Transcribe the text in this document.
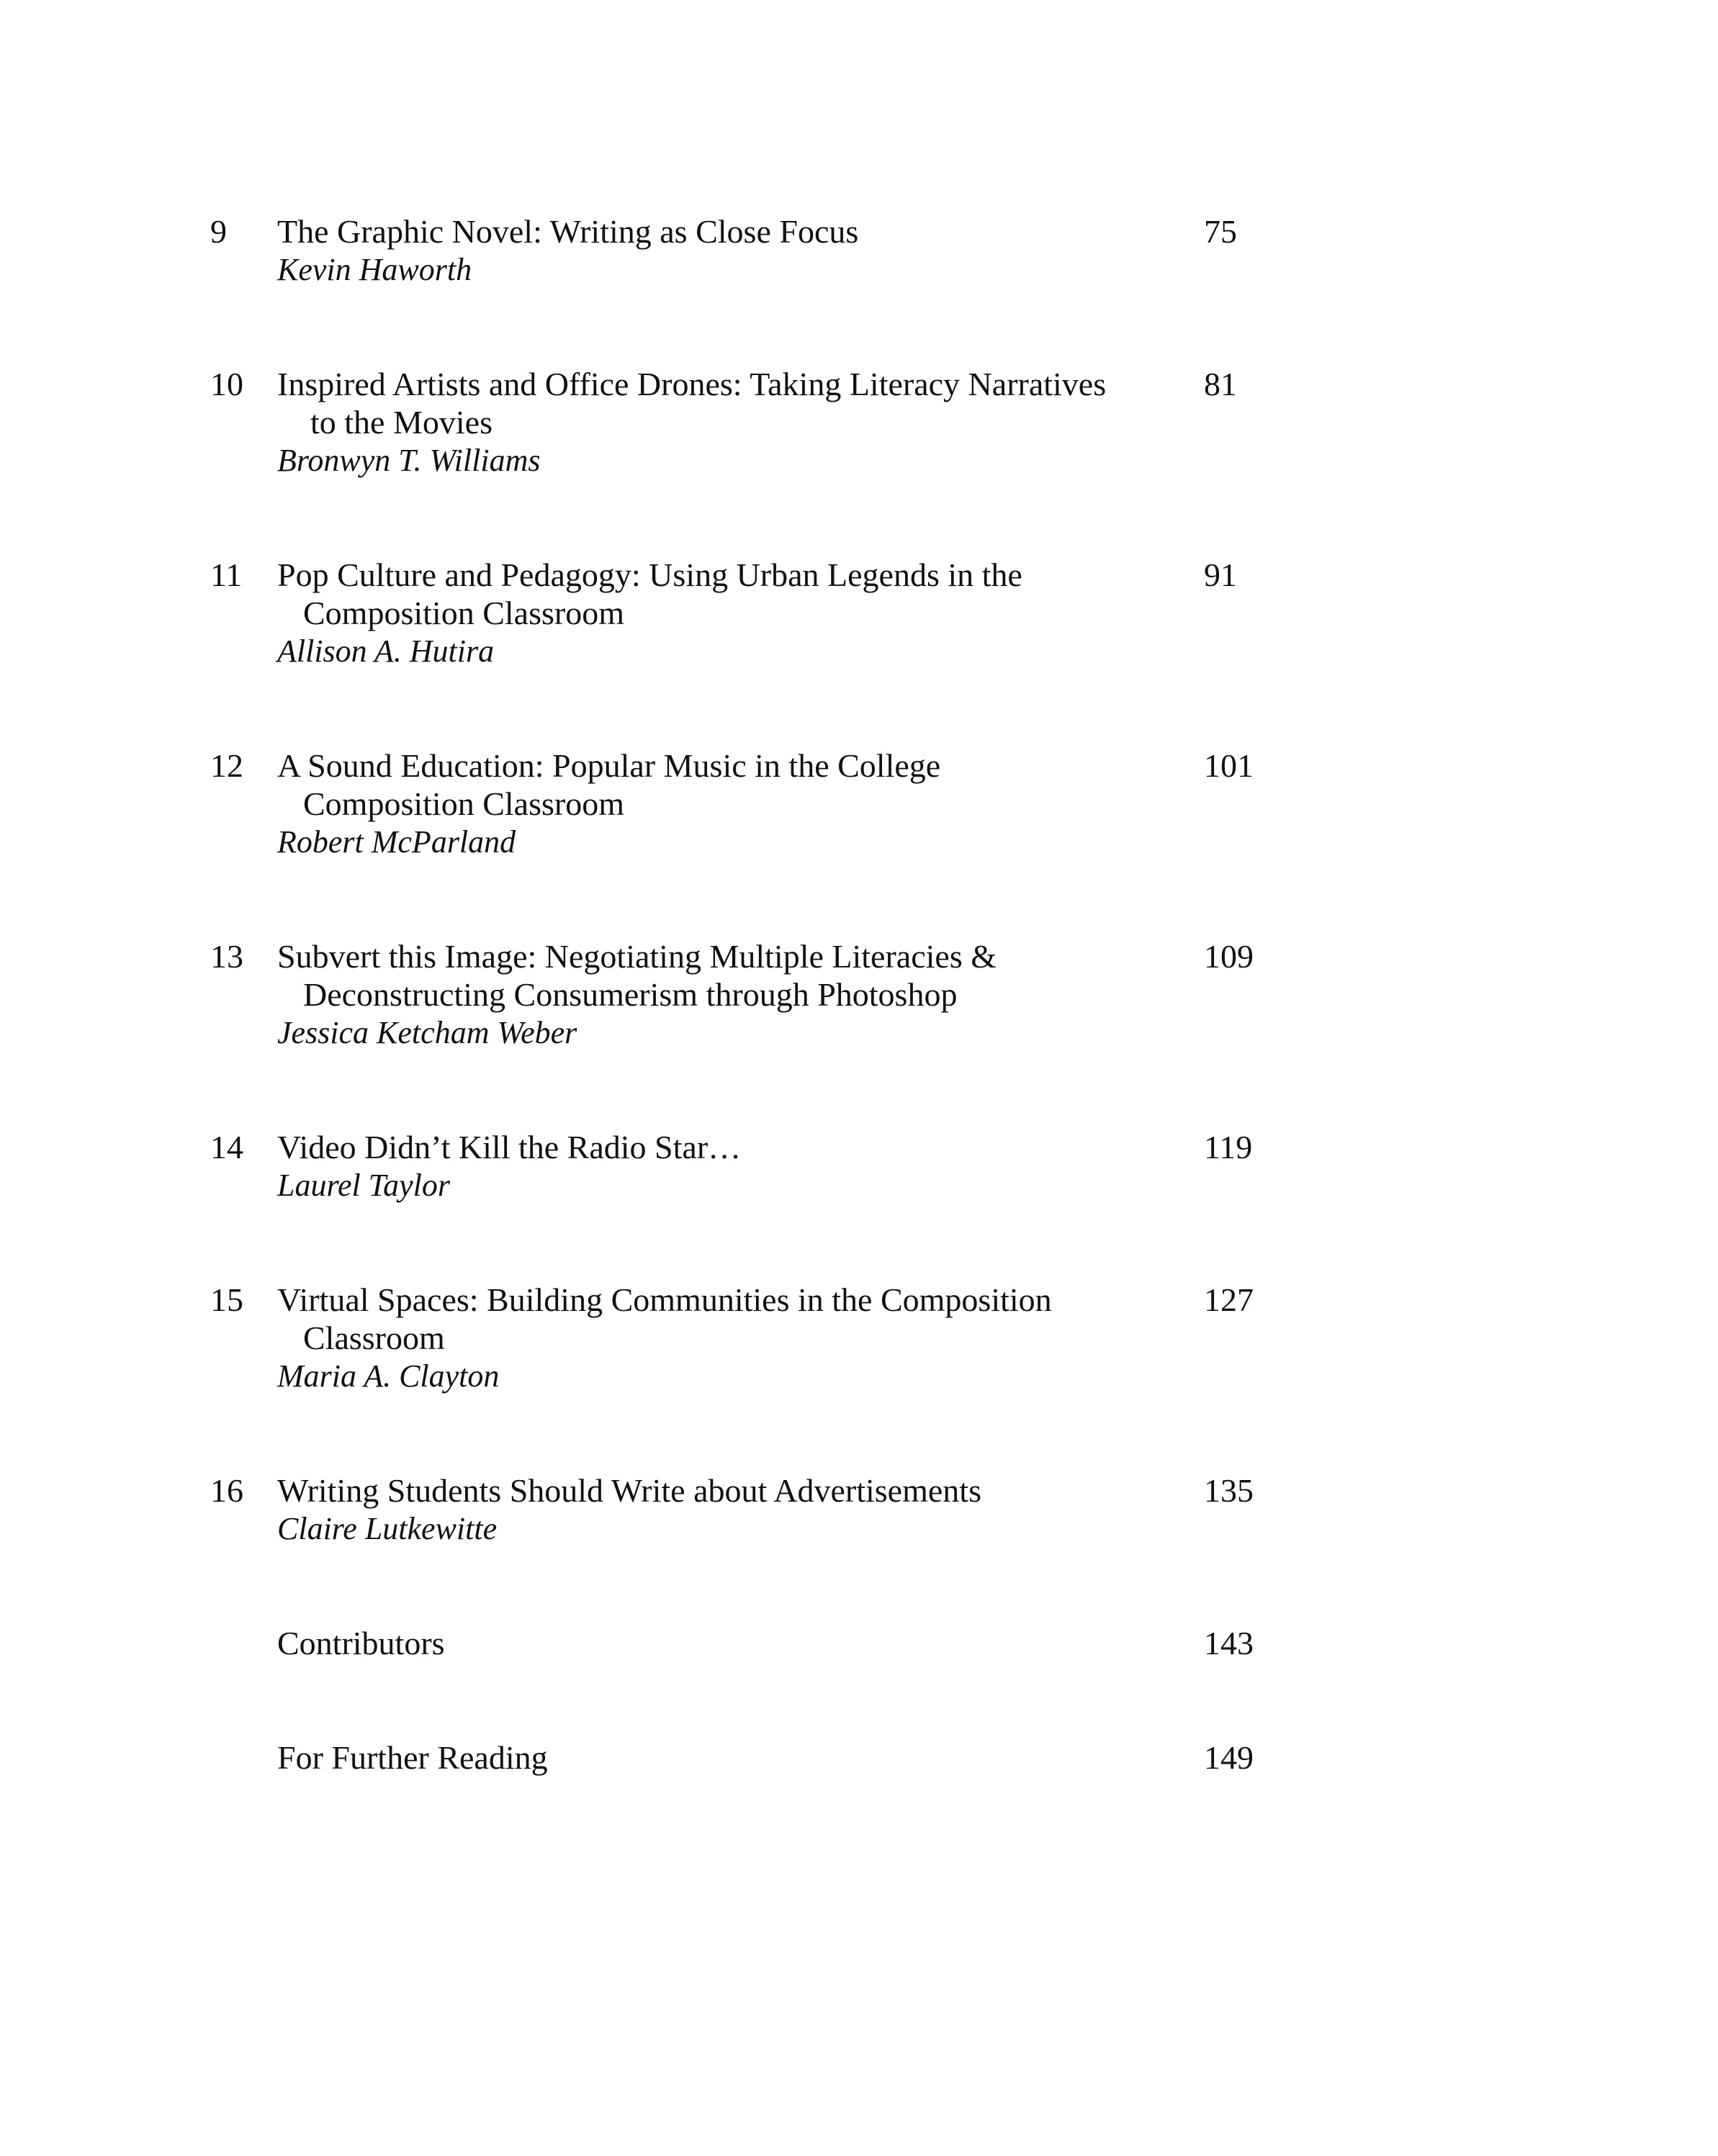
9 The Graphic Novel: Writing as Close Focus
Kevin Haworth
75
10 Inspired Artists and Office Drones: Taking Literacy Narratives
to the Movies
Bronwyn T. Williams
81
11 Pop Culture and Pedagogy: Using Urban Legends in the
Composition Classroom
Allison A. Hutira
91
12 A Sound Education: Popular Music in the College
Composition Classroom
Robert McParland
101
13 Subvert this Image: Negotiating Multiple Literacies &
Deconstructing Consumerism through Photoshop
Jessica Ketcham Weber
109
14 Video Didn’t Kill the Radio Star…
Laurel Taylor
119
15 Virtual Spaces: Building Communities in the Composition
Classroom
Maria A. Clayton
127
16 Writing Students Should Write about Advertisements
Claire Lutkewitte
135
Contributors	143
For Further Reading	149
